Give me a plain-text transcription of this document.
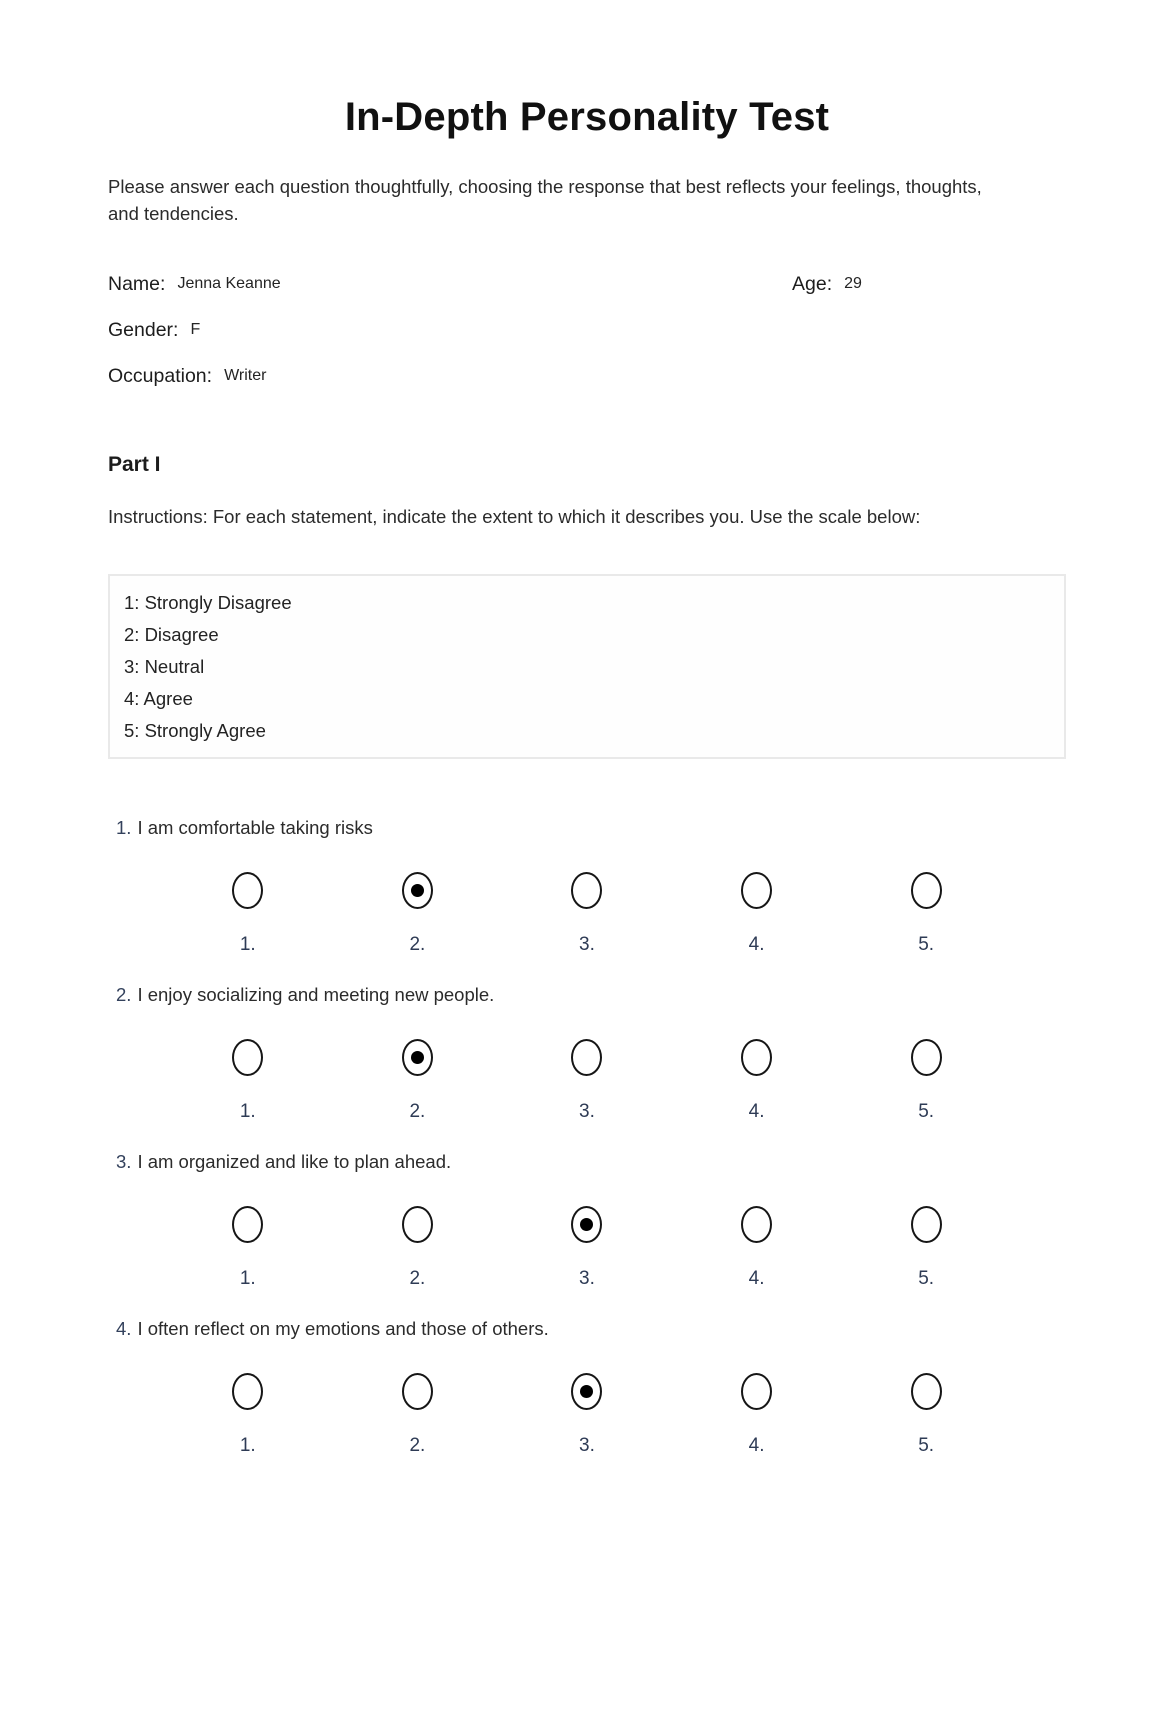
In-Depth Personality Test

Please answer each question thoughtfully, choosing the response that best reflects your feelings, thoughts, and tendencies.

Name: Jenna Keanne	Age: 29
Gender: F
Occupation: Writer
Part I

Instructions: For each statement, indicate the extent to which it describes you. Use the scale below:

1: Strongly Disagree
2: Disagree
3: Neutral
4: Agree
5: Strongly Agree

1. I am comfortable taking risks

1.	2.	3.	4.	5.

2. I enjoy socializing and meeting new people.

1.	2.	3.	4.	5.

3. I am organized and like to plan ahead.

1.	2.	3.	4.	5.

4. I often reflect on my emotions and those of others.

1.	2.	3.	4.	5.
